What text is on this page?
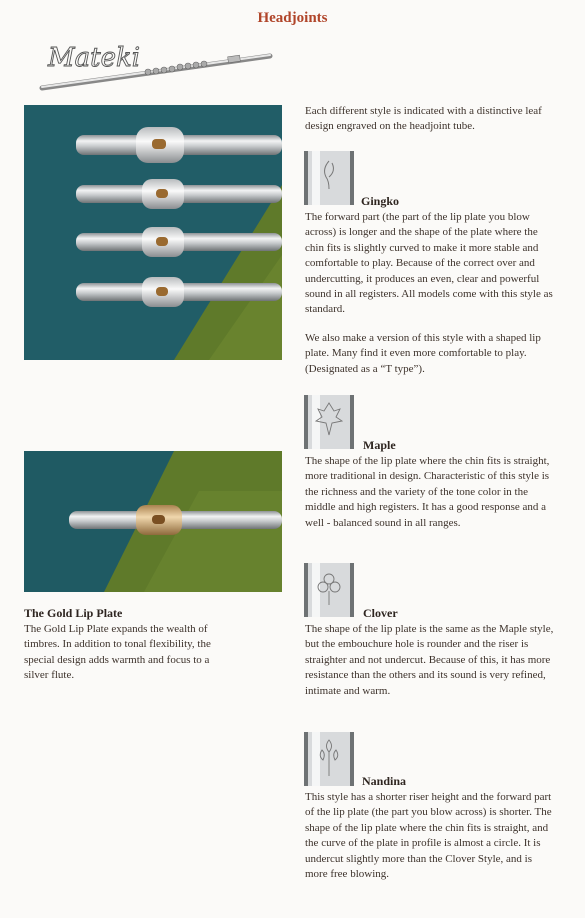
Headjoints
Mateki
Each different style is indicated with a distinctive leaf design engraved on the headjoint tube.
Gingko
The forward part (the part of the lip plate you blow across) is longer and the shape of the plate where the chin fits is slightly curved to make it more stable and comfortable to play. Because of the correct over and undercutting, it produces an even, clear and powerful sound in all registers. All models come with this style as standard.
We also make a version of this style with a shaped lip plate. Many find it even more comfortable to play. (Designated as a “T type”).
Maple
The shape of the lip plate where the chin fits is straight, more traditional in design. Characteristic of this style is the richness and the variety of the tone color in the middle and high registers. It has a good response and a well - balanced sound in all ranges.
Clover
The shape of the lip plate is the same as the Maple style, but the embouchure hole is rounder and the riser is straighter and not undercut. Because of this, it has more resistance than the others and its sound is very refined, intimate and warm.
Nandina
This style has a shorter riser height and the forward part of the lip plate (the part you blow across) is shorter. The shape of the lip plate where the chin fits is straight, and the curve of the plate in profile is almost a circle. It is undercut slightly more than the Clover Style, and is more free blowing.
The Gold Lip Plate
The Gold Lip Plate expands the wealth of timbres. In addition to tonal flexibility, the special design adds warmth and focus to a silver flute.
